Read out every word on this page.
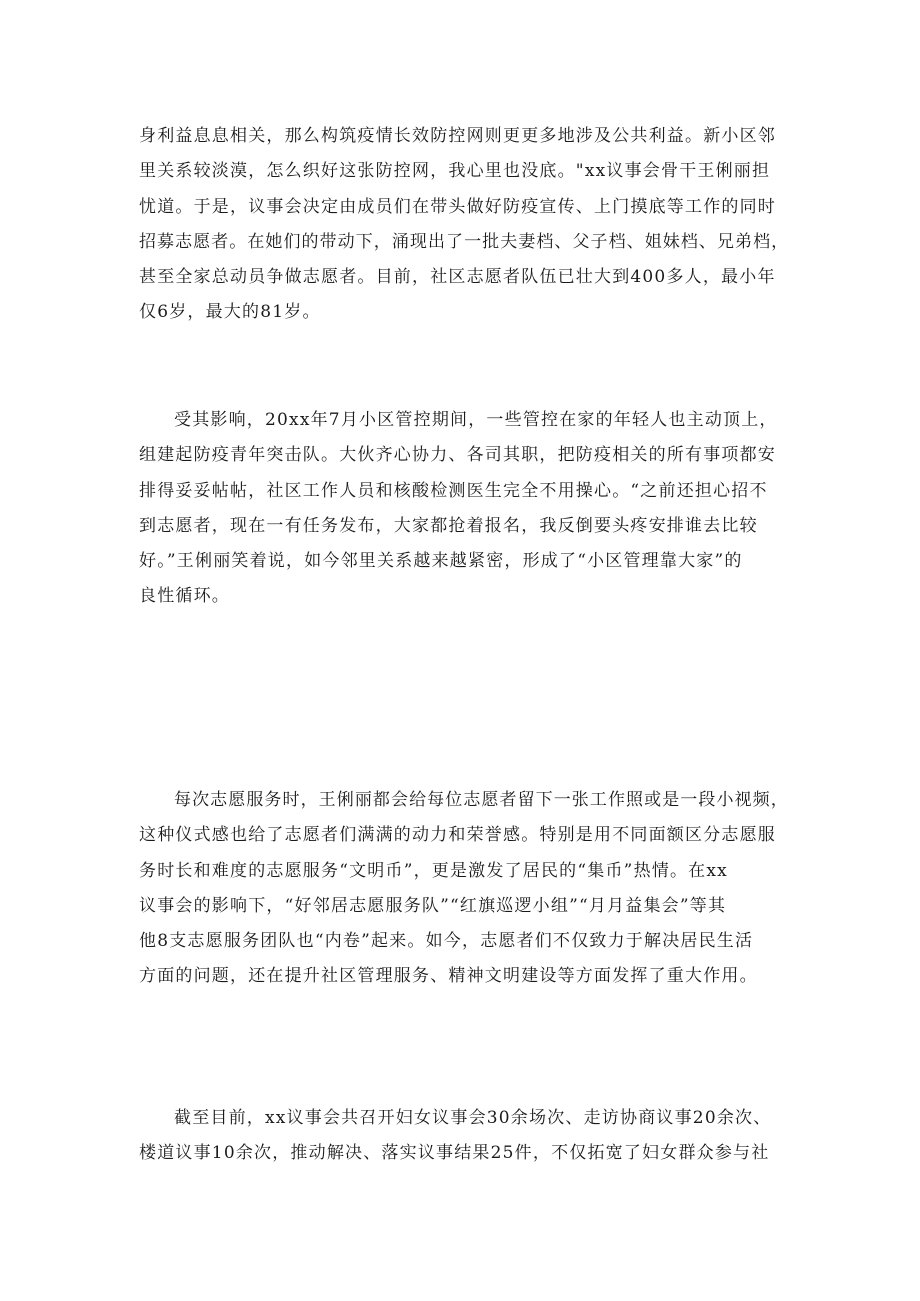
身利益息息相关，那么构筑疫情长效防控网则更更多地涉及公共利益。新小区邻
里关系较淡漠，怎么织好这张防控网，我心里也没底。"xx议事会骨干王俐丽担
忧道。于是，议事会决定由成员们在带头做好防疫宣传、上门摸底等工作的同时
招募志愿者。在她们的带动下，涌现出了一批夫妻档、父子档、姐妹档、兄弟档，
甚至全家总动员争做志愿者。目前，社区志愿者队伍已壮大到400多人，最小年
仅6岁，最大的81岁。

受其影响，20xx年7月小区管控期间，一些管控在家的年轻人也主动顶上，
组建起防疫青年突击队。大伙齐心协力、各司其职，把防疫相关的所有事项都安
排得妥妥帖帖，社区工作人员和核酸检测医生完全不用操心。“之前还担心招不
到志愿者，现在一有任务发布，大家都抢着报名，我反倒要头疼安排谁去比较
好。”王俐丽笑着说，如今邻里关系越来越紧密，形成了“小区管理靠大家”的
良性循环。

每次志愿服务时，王俐丽都会给每位志愿者留下一张工作照或是一段小视频，
这种仪式感也给了志愿者们满满的动力和荣誉感。特别是用不同面额区分志愿服
务时长和难度的志愿服务“文明币”，更是激发了居民的“集币”热情。在xx
议事会的影响下，“好邻居志愿服务队”“红旗巡逻小组”“月月益集会”等其
他8支志愿服务团队也“内卷”起来。如今，志愿者们不仅致力于解决居民生活
方面的问题，还在提升社区管理服务、精神文明建设等方面发挥了重大作用。

截至目前，xx议事会共召开妇女议事会30余场次、走访协商议事20余次、
楼道议事10余次，推动解决、落实议事结果25件，不仅拓宽了妇女群众参与社
